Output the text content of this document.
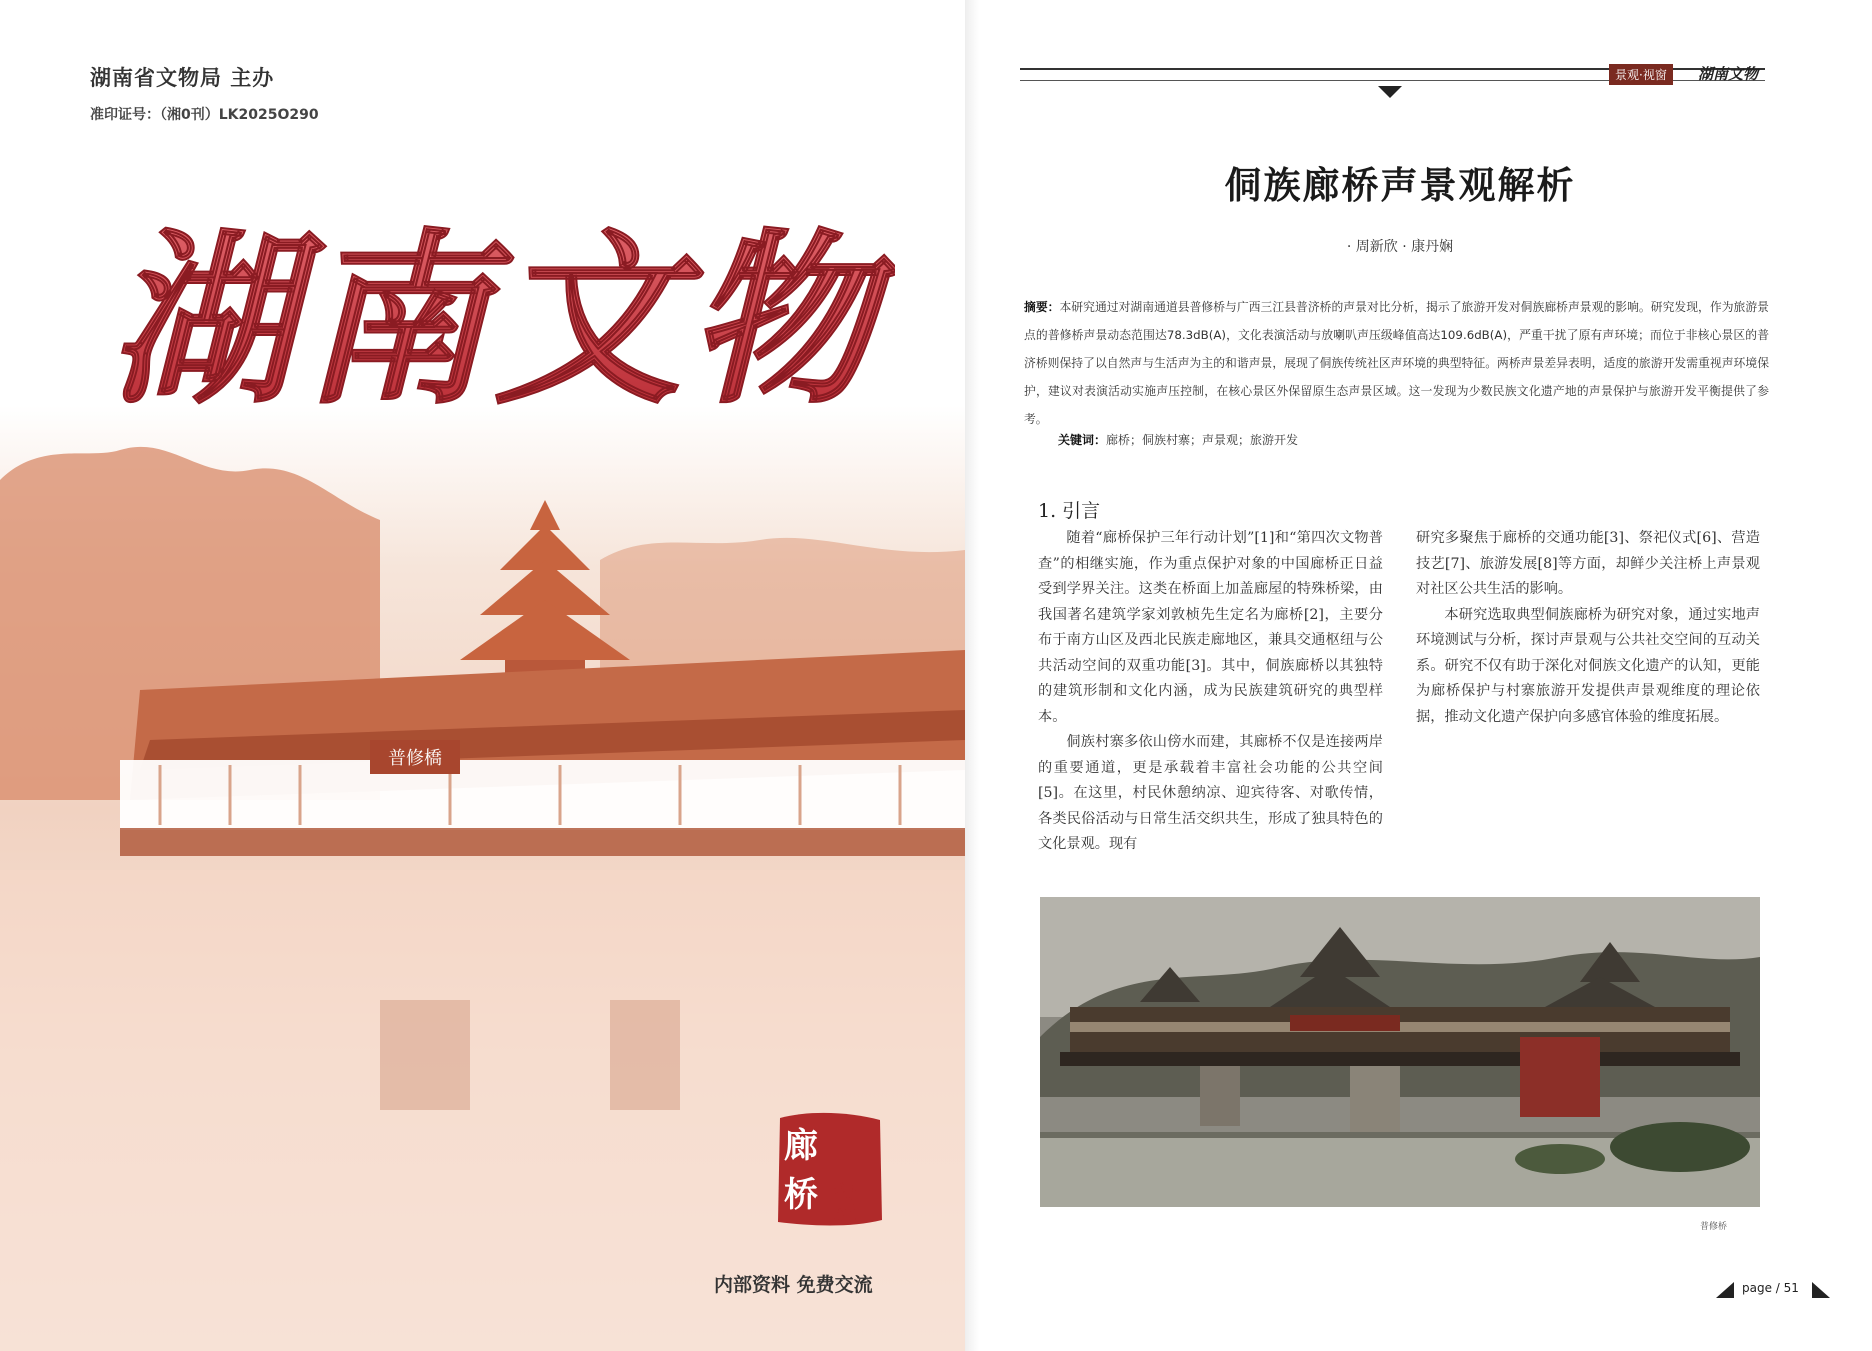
湖南省文物局 主办
准印证号：（湘0刊）LK2025O290
湖南文物
普修橋
廊
桥 特辑
内部资料 免费交流
景观·视窗	湖南文物
侗族廊桥声景观解析
· 周新欣 · 康丹娴
摘要：本研究通过对湖南通道县普修桥与广西三江县普济桥的声景对比分析，揭示了旅游开发对侗族廊桥声景观的影响。研究发现，作为旅游景点的普修桥声景动态范围达78.3dB(A)，文化表演活动与放喇叭声压级峰值高达109.6dB(A)，严重干扰了原有声环境；而位于非核心景区的普济桥则保持了以自然声与生活声为主的和谐声景，展现了侗族传统社区声环境的典型特征。两桥声景差异表明，适度的旅游开发需重视声环境保护，建议对表演活动实施声压控制，在核心景区外保留原生态声景区域。这一发现为少数民族文化遗产地的声景保护与旅游开发平衡提供了参考。
关键词：廊桥；侗族村寨；声景观；旅游开发
1. 引言

随着“廊桥保护三年行动计划”[1]和“第四次文物普查”的相继实施，作为重点保护对象的中国廊桥正日益受到学界关注。这类在桥面上加盖廊屋的特殊桥梁，由我国著名建筑学家刘敦桢先生定名为廊桥[2]，主要分布于南方山区及西北民族走廊地区，兼具交通枢纽与公共活动空间的双重功能[3]。其中，侗族廊桥以其独特的建筑形制和文化内涵，成为民族建筑研究的典型样本。

侗族村寨多依山傍水而建，其廊桥不仅是连接两岸的重要通道，更是承载着丰富社会功能的公共空间[5]。在这里，村民休憩纳凉、迎宾待客、对歌传情，各类民俗活动与日常生活交织共生，形成了独具特色的文化景观。现有

研究多聚焦于廊桥的交通功能[3]、祭祀仪式[6]、营造技艺[7]、旅游发展[8]等方面，却鲜少关注桥上声景观对社区公共生活的影响。

本研究选取典型侗族廊桥为研究对象，通过实地声环境测试与分析，探讨声景观与公共社交空间的互动关系。研究不仅有助于深化对侗族文化遗产的认知，更能为廊桥保护与村寨旅游开发提供声景观维度的理论依据，推动文化遗产保护向多感官体验的维度拓展。

普修桥
page / 51
